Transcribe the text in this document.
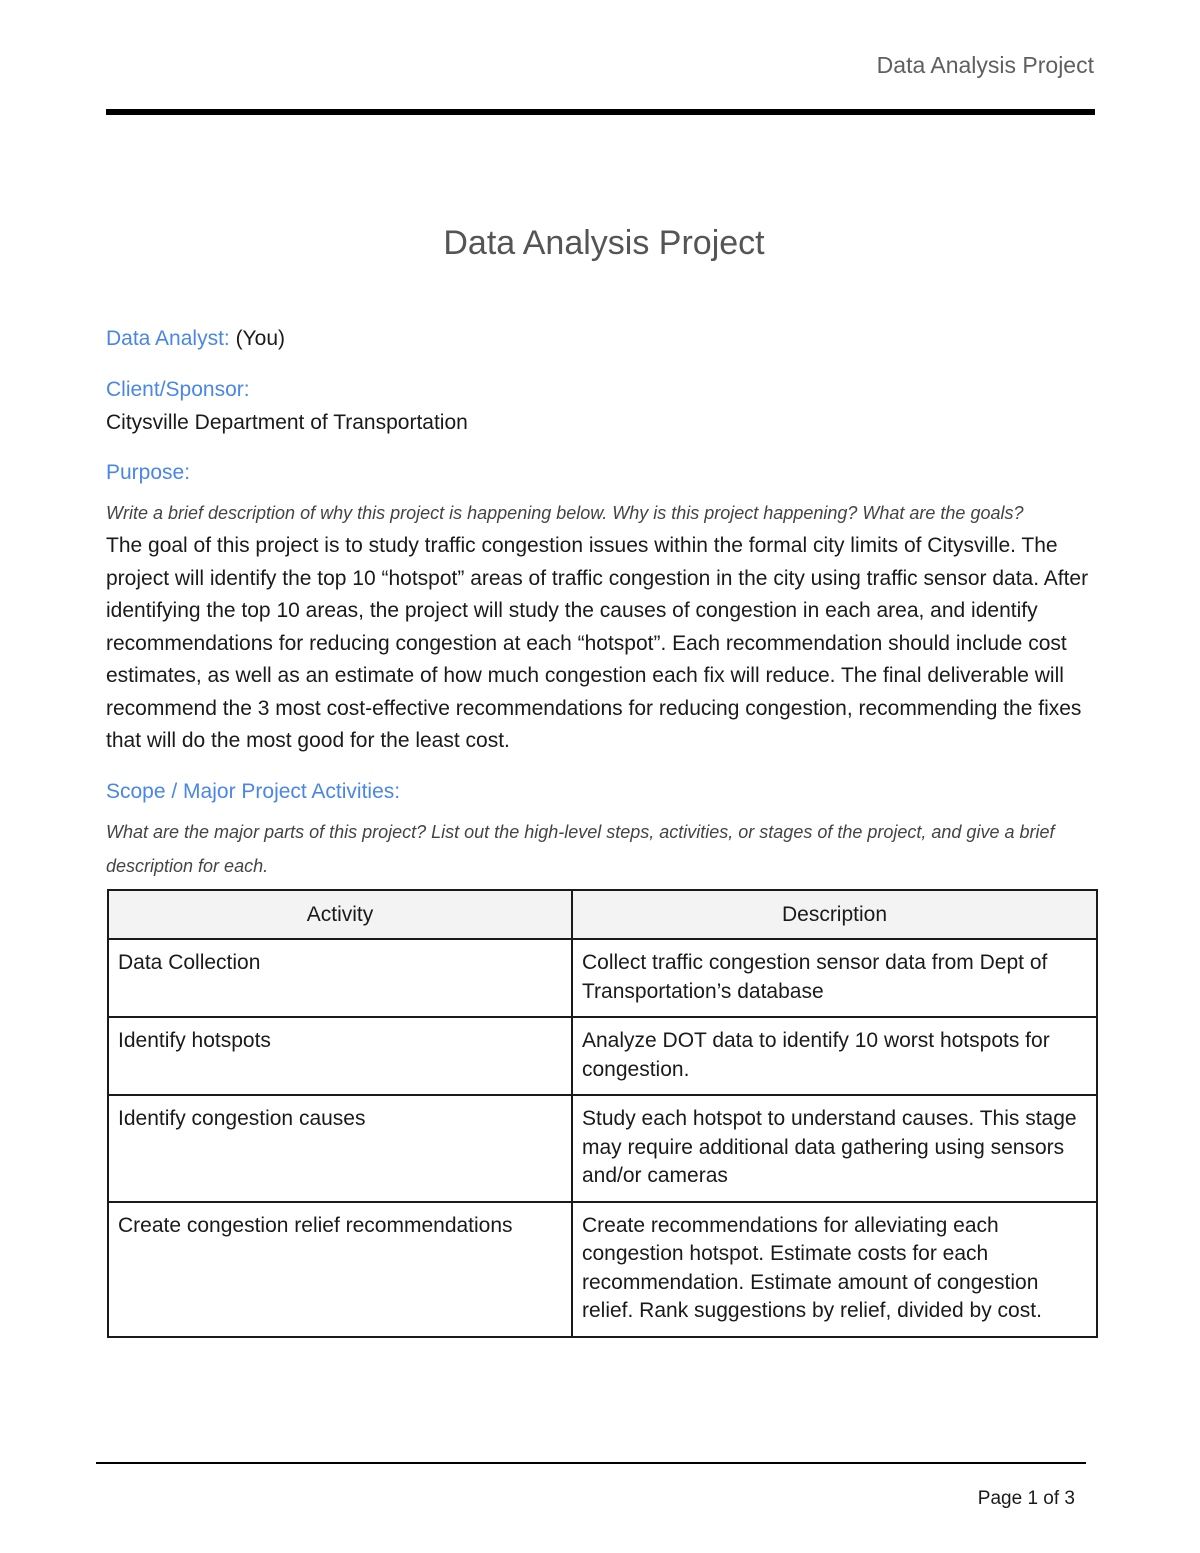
Data Analysis Project
Data Analysis Project

Data Analyst: (You)

Client/Sponsor:

Citysville Department of Transportation

Purpose:

Write a brief description of why this project is happening below. Why is this project happening? What are the goals?

The goal of this project is to study traffic congestion issues within the formal city limits of Citysville. The project will identify the top 10 “hotspot” areas of traffic congestion in the city using traffic sensor data. After identifying the top 10 areas, the project will study the causes of congestion in each area, and identify recommendations for reducing congestion at each “hotspot”. Each recommendation should include cost estimates, as well as an estimate of how much congestion each fix will reduce. The final deliverable will recommend the 3 most cost-effective recommendations for reducing congestion, recommending the fixes that will do the most good for the least cost.

Scope / Major Project Activities:

What are the major parts of this project? List out the high-level steps, activities, or stages of the project, and give a brief description for each.

Activity	Description
Data Collection	Collect traffic congestion sensor data from Dept of Transportation’s database
Identify hotspots	Analyze DOT data to identify 10 worst hotspots for congestion.
Identify congestion causes	Study each hotspot to understand causes. This stage may require additional data gathering using sensors and/or cameras
Create congestion relief recommendations	Create recommendations for alleviating each congestion hotspot. Estimate costs for each recommendation. Estimate amount of congestion relief. Rank suggestions by relief, divided by cost.
Page 1 of 3
